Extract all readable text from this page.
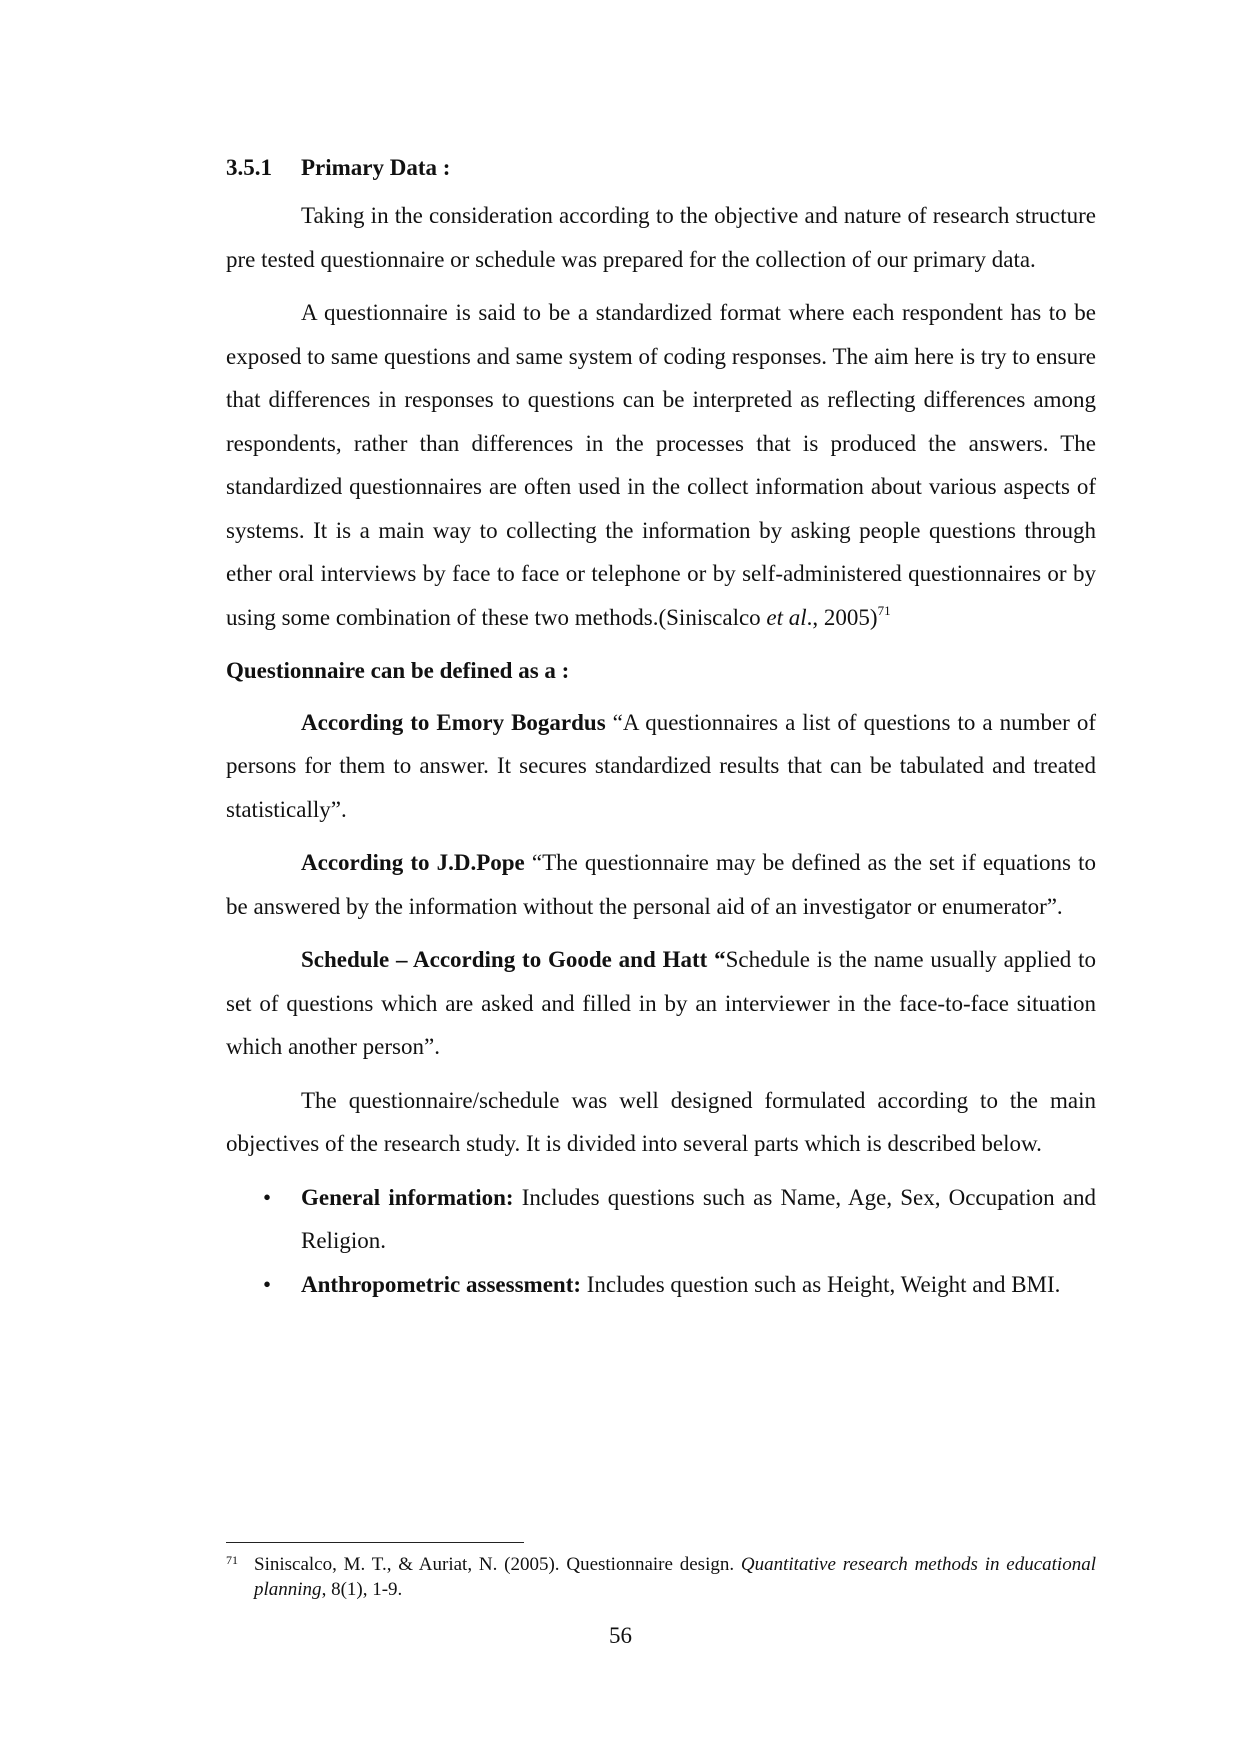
3.5.1 Primary Data :

Taking in the consideration according to the objective and nature of research structure pre tested questionnaire or schedule was prepared for the collection of our primary data.

A questionnaire is said to be a standardized format where each respondent has to be exposed to same questions and same system of coding responses. The aim here is try to ensure that differences in responses to questions can be interpreted as reflecting differences among respondents, rather than differences in the processes that is produced the answers. The standardized questionnaires are often used in the collect information about various aspects of systems. It is a main way to collecting the information by asking people questions through ether oral interviews by face to face or telephone or by self-administered questionnaires or by using some combination of these two methods.(Siniscalco et al., 2005)$^{71}$

Questionnaire can be defined as a :

According to Emory Bogardus “A questionnaires a list of questions to a number of persons for them to answer. It secures standardized results that can be tabulated and treated statistically”.

According to J.D.Pope “The questionnaire may be defined as the set if equations to be answered by the information without the personal aid of an investigator or enumerator”.

Schedule – According to Goode and Hatt “Schedule is the name usually applied to set of questions which are asked and filled in by an interviewer in the face-to-face situation which another person”.

The questionnaire/schedule was well designed formulated according to the main objectives of the research study. It is divided into several parts which is described below.

• General information: Includes questions such as Name, Age, Sex, Occupation and Religion.
• Anthropometric assessment: Includes question such as Height, Weight and BMI.
71 Siniscalco, M. T., & Auriat, N. (2005). Questionnaire design. Quantitative research methods in educational planning, 8(1), 1-9.
56
